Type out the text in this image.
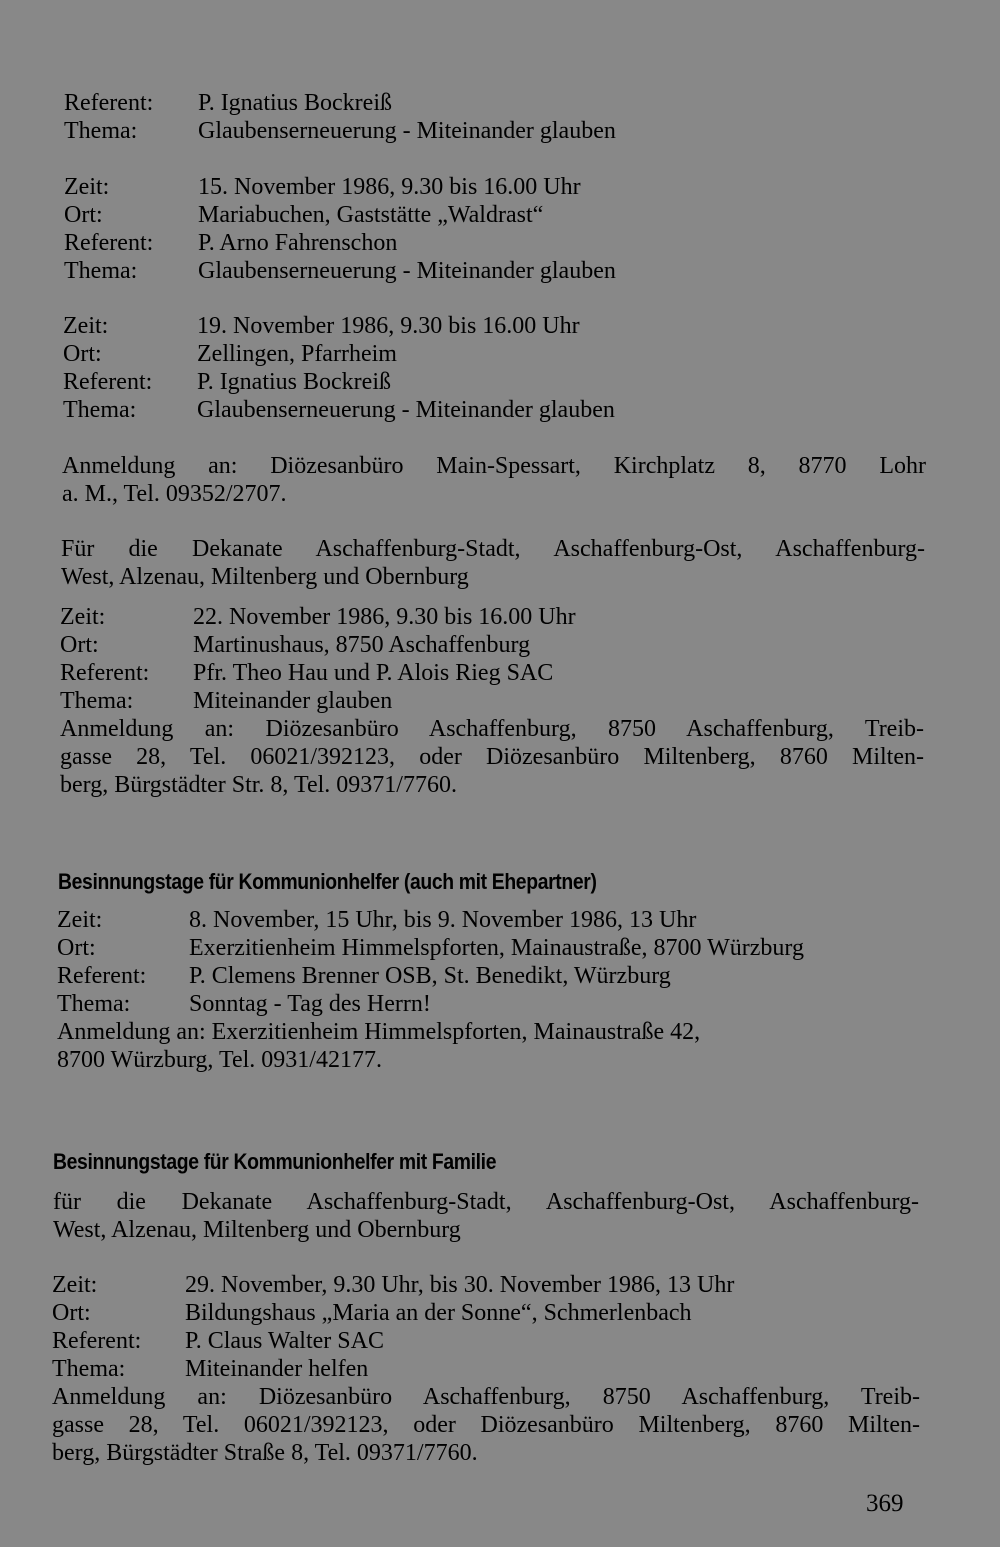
Referent:	P. Ignatius Bockreiß
Thema:	Glaubenserneuerung - Miteinander glauben
Zeit:	15. November 1986, 9.30 bis 16.00 Uhr
Ort:	Mariabuchen, Gaststätte „Waldrast“
Referent:	P. Arno Fahrenschon
Thema:	Glaubenserneuerung - Miteinander glauben
Zeit:	19. November 1986, 9.30 bis 16.00 Uhr
Ort:	Zellingen, Pfarrheim
Referent:	P. Ignatius Bockreiß
Thema:	Glaubenserneuerung - Miteinander glauben
Anmeldung an: Diözesanbüro Main-Spessart, Kirchplatz 8, 8770 Lohr
a. M., Tel. 09352/2707.
Für die Dekanate Aschaffenburg-Stadt, Aschaffenburg-Ost, Aschaffenburg-
West, Alzenau, Miltenberg und Obernburg
Zeit:	22. November 1986, 9.30 bis 16.00 Uhr
Ort:	Martinushaus, 8750 Aschaffenburg
Referent:	Pfr. Theo Hau und P. Alois Rieg SAC
Thema:	Miteinander glauben
Anmeldung an: Diözesanbüro Aschaffenburg, 8750 Aschaffenburg, Treib-
gasse 28, Tel. 06021/392123, oder Diözesanbüro Miltenberg, 8760 Milten-
berg, Bürgstädter Str. 8, Tel. 09371/7760.
Besinnungstage für Kommunionhelfer (auch mit Ehepartner)
Zeit:	8. November, 15 Uhr, bis 9. November 1986, 13 Uhr
Ort:	Exerzitienheim Himmelspforten, Mainaustraße, 8700 Würzburg
Referent:	P. Clemens Brenner OSB, St. Benedikt, Würzburg
Thema:	Sonntag - Tag des Herrn!
Anmeldung an: Exerzitienheim Himmelspforten, Mainaustraße 42,
8700 Würzburg, Tel. 0931/42177.
Besinnungstage für Kommunionhelfer mit Familie
für die Dekanate Aschaffenburg-Stadt, Aschaffenburg-Ost, Aschaffenburg-
West, Alzenau, Miltenberg und Obernburg
Zeit:	29. November, 9.30 Uhr, bis 30. November 1986, 13 Uhr
Ort:	Bildungshaus „Maria an der Sonne“, Schmerlenbach
Referent:	P. Claus Walter SAC
Thema:	Miteinander helfen
Anmeldung an: Diözesanbüro Aschaffenburg, 8750 Aschaffenburg, Treib-
gasse 28, Tel. 06021/392123, oder Diözesanbüro Miltenberg, 8760 Milten-
berg, Bürgstädter Straße 8, Tel. 09371/7760.
369
